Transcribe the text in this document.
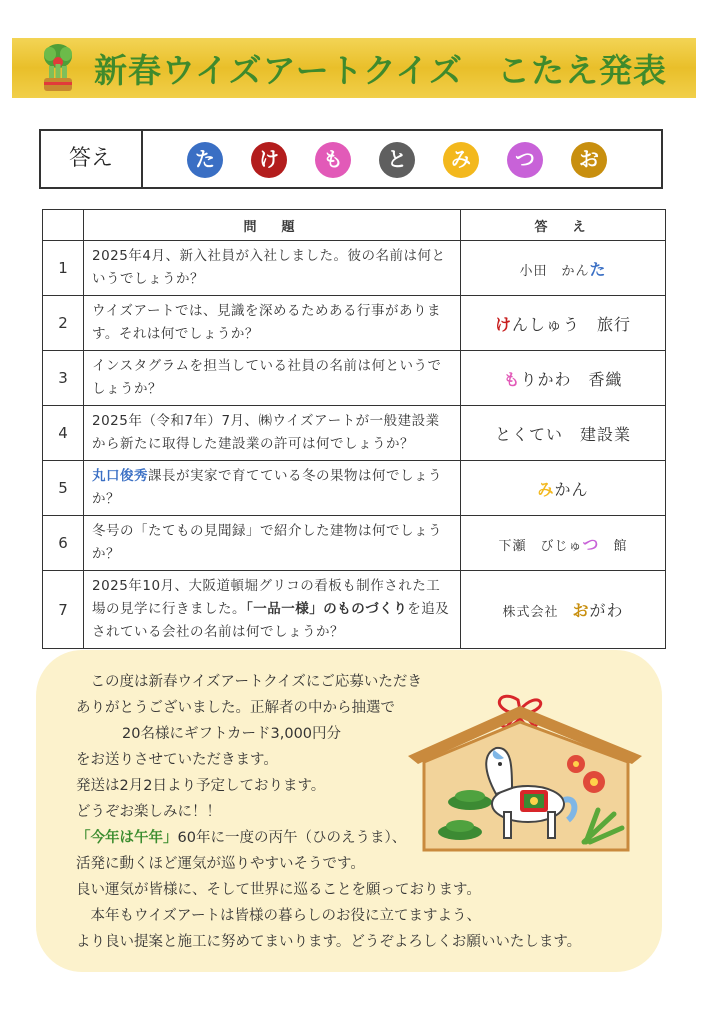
新春ウイズアートクイズ　こたえ発表
答え	た	け	も	と	み	つ	お
	問　題	答　え
1	2025年4月、新入社員が入社しました。彼の名前は何というでしょうか？	小田　かんた
2	ウイズアートでは、見識を深めるためある行事があります。それは何でしょうか？	けんしゅう　旅行
3	インスタグラムを担当している社員の名前は何というでしょうか？	もりかわ　香織
4	2025年（令和7年）7月、㈱ウイズアートが一般建設業から新たに取得した建設業の許可は何でしょうか？	とくてい　建設業
5	丸口俊秀課長が実家で育てている冬の果物は何でしょうか？	みかん
6	冬号の「たてもの見聞録」で紹介した建物は何でしょうか？	下瀬　びじゅつ　館
7	2025年10月、大阪道頓堀グリコの看板も制作された工場の見学に行きました。「一品一様」のものづくりを追及されている会社の名前は何でしょうか？	株式会社　おがわ

　この度は新春ウイズアートクイズにご応募いただき

ありがとうございました。正解者の中から抽選で

20名様にギフトカード3,000円分

をお送りさせていただきます。

発送は2月2日より予定しております。

どうぞお楽しみに！！

「今年は午年」60年に一度の丙午（ひのえうま）、

活発に動くほど運気が巡りやすいそうです。

良い運気が皆様に、そして世界に巡ることを願っております。

　本年もウイズアートは皆様の暮らしのお役に立てますよう、

より良い提案と施工に努めてまいります。どうぞよろしくお願いいたします。
